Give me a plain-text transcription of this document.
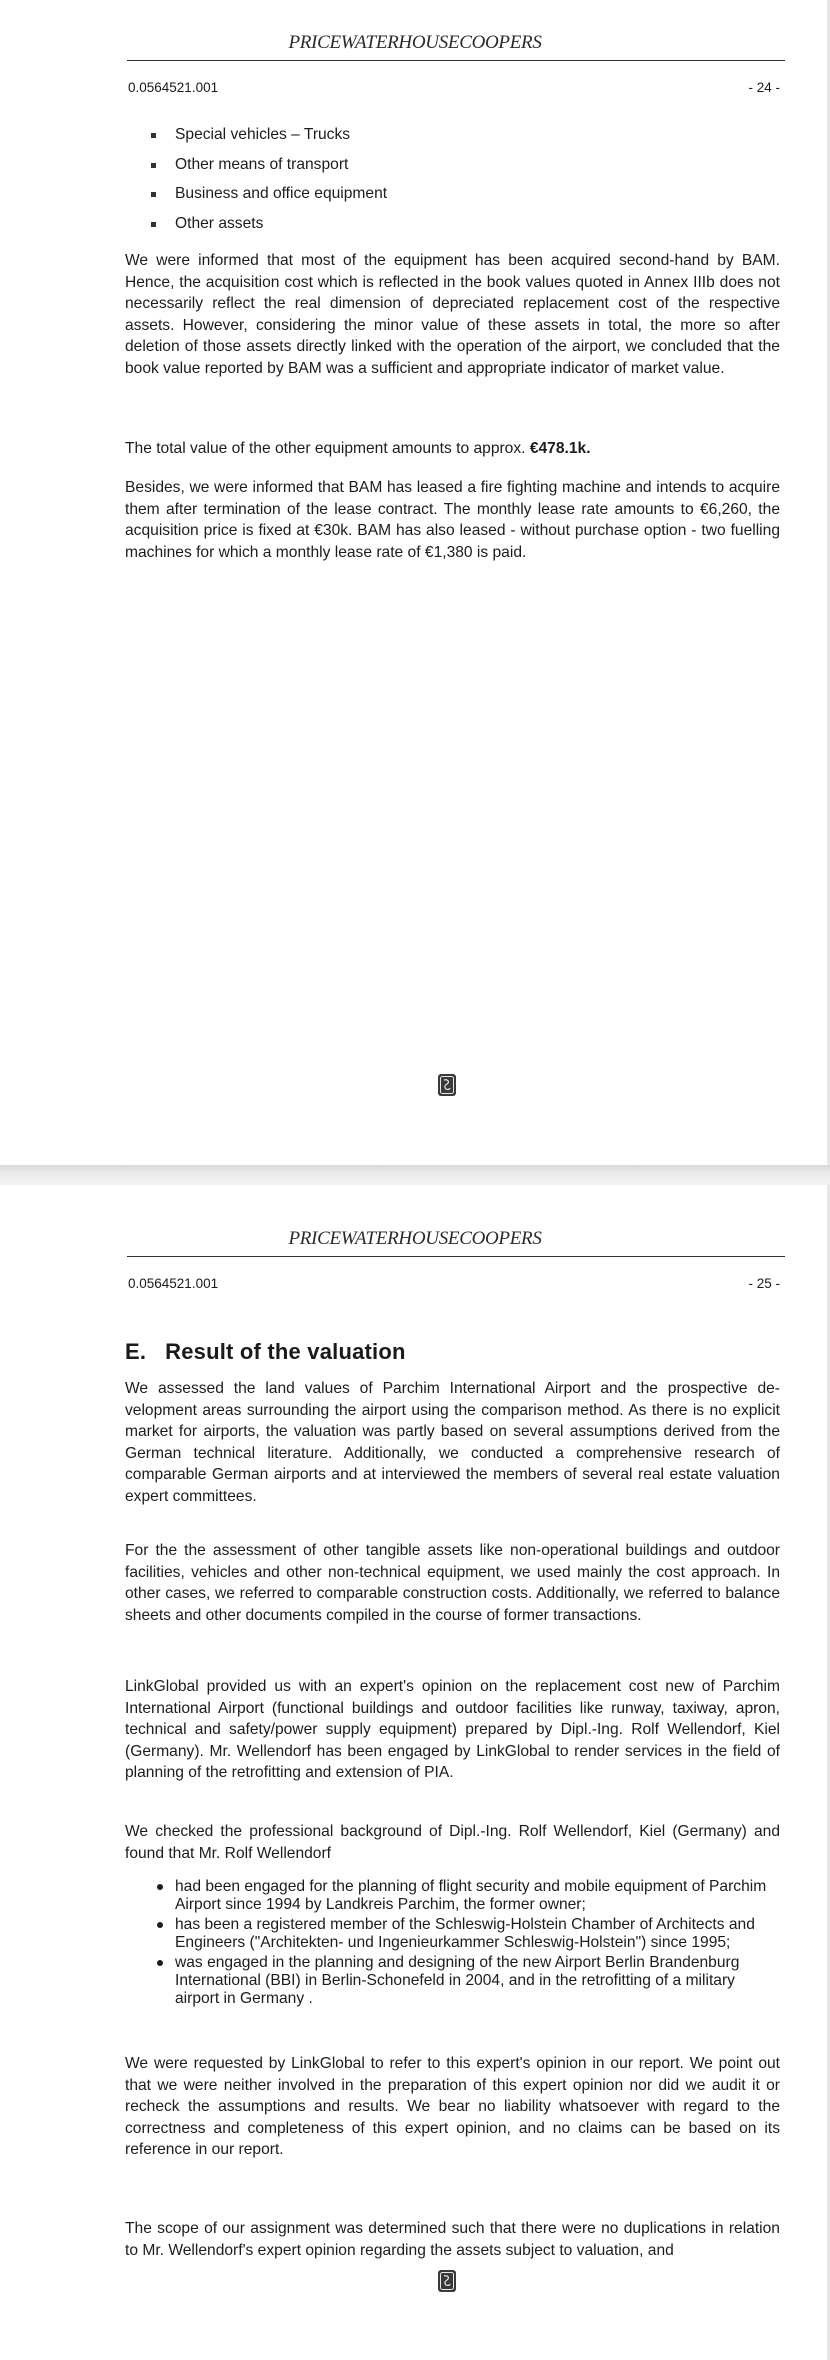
PRICEWATERHOUSECOOPERS
0.0564521.001	- 24 -
Special vehicles – Trucks
Other means of transport
Business and office equipment
Other assets

We were informed that most of the equipment has been acquired second-hand by BAM. Hence, the acquisition cost which is reflected in the book values quoted in Annex IIIb does not necessarily reflect the real dimension of depreciated replacement cost of the respective assets. However, considering the minor value of these assets in total, the more so after deletion of those assets directly linked with the operation of the airport, we concluded that the book value reported by BAM was a sufficient and appropriate indicator of market value.

The total value of the other equipment amounts to approx. €478.1k.

Besides, we were informed that BAM has leased a fire fighting machine and intends to acquire them after termination of the lease contract. The monthly lease rate amounts to €6,260, the acquisition price is fixed at €30k. BAM has also leased - without purchase option - two fuelling machines for which a monthly lease rate of €1,380 is paid.

PRICEWATERHOUSECOOPERS
0.0564521.001	- 25 -
E.   Result of the valuation

We assessed the land values of Parchim International Airport and the prospective development areas surrounding the airport using the comparison method. As there is no explicit market for airports, the valuation was partly based on several assumptions derived from the German technical literature. Additionally, we conducted a comprehensive research of comparable German airports and at interviewed the members of several real estate valuation expert committees.

For the the assessment of other tangible assets like non-operational buildings and outdoor facilities, vehicles and other non-technical equipment, we used mainly the cost approach. In other cases, we referred to comparable construction costs. Additionally, we referred to balance sheets and other documents compiled in the course of former transactions.

LinkGlobal provided us with an expert's opinion on the replacement cost new of Parchim International Airport (functional buildings and outdoor facilities like runway, taxiway, apron, technical and safety/power supply equipment) prepared by Dipl.-Ing. Rolf Wellendorf, Kiel (Germany). Mr. Wellendorf has been engaged by LinkGlobal to render services in the field of planning of the retrofitting and extension of PIA.

We checked the professional background of Dipl.-Ing. Rolf Wellendorf, Kiel (Germany) and found that Mr. Rolf Wellendorf

had been engaged for the planning of flight security and mobile equipment of Parchim Airport since 1994 by Landkreis Parchim, the former owner;
has been a registered member of the Schleswig-Holstein Chamber of Architects and Engineers ("Architekten- und Ingenieurkammer Schleswig-Holstein") since 1995;
was engaged in the planning and designing of the new Airport Berlin Brandenburg International (BBI) in Berlin-Schonefeld in 2004, and in the retrofitting of a military airport in Germany .

We were requested by LinkGlobal to refer to this expert's opinion in our report. We point out that we were neither involved in the preparation of this expert opinion nor did we audit it or recheck the assumptions and results. We bear no liability whatsoever with regard to the correctness and completeness of this expert opinion, and no claims can be based on its reference in our report.

The scope of our assignment was determined such that there were no duplications in relation to Mr. Wellendorf's expert opinion regarding the assets subject to valuation, and
